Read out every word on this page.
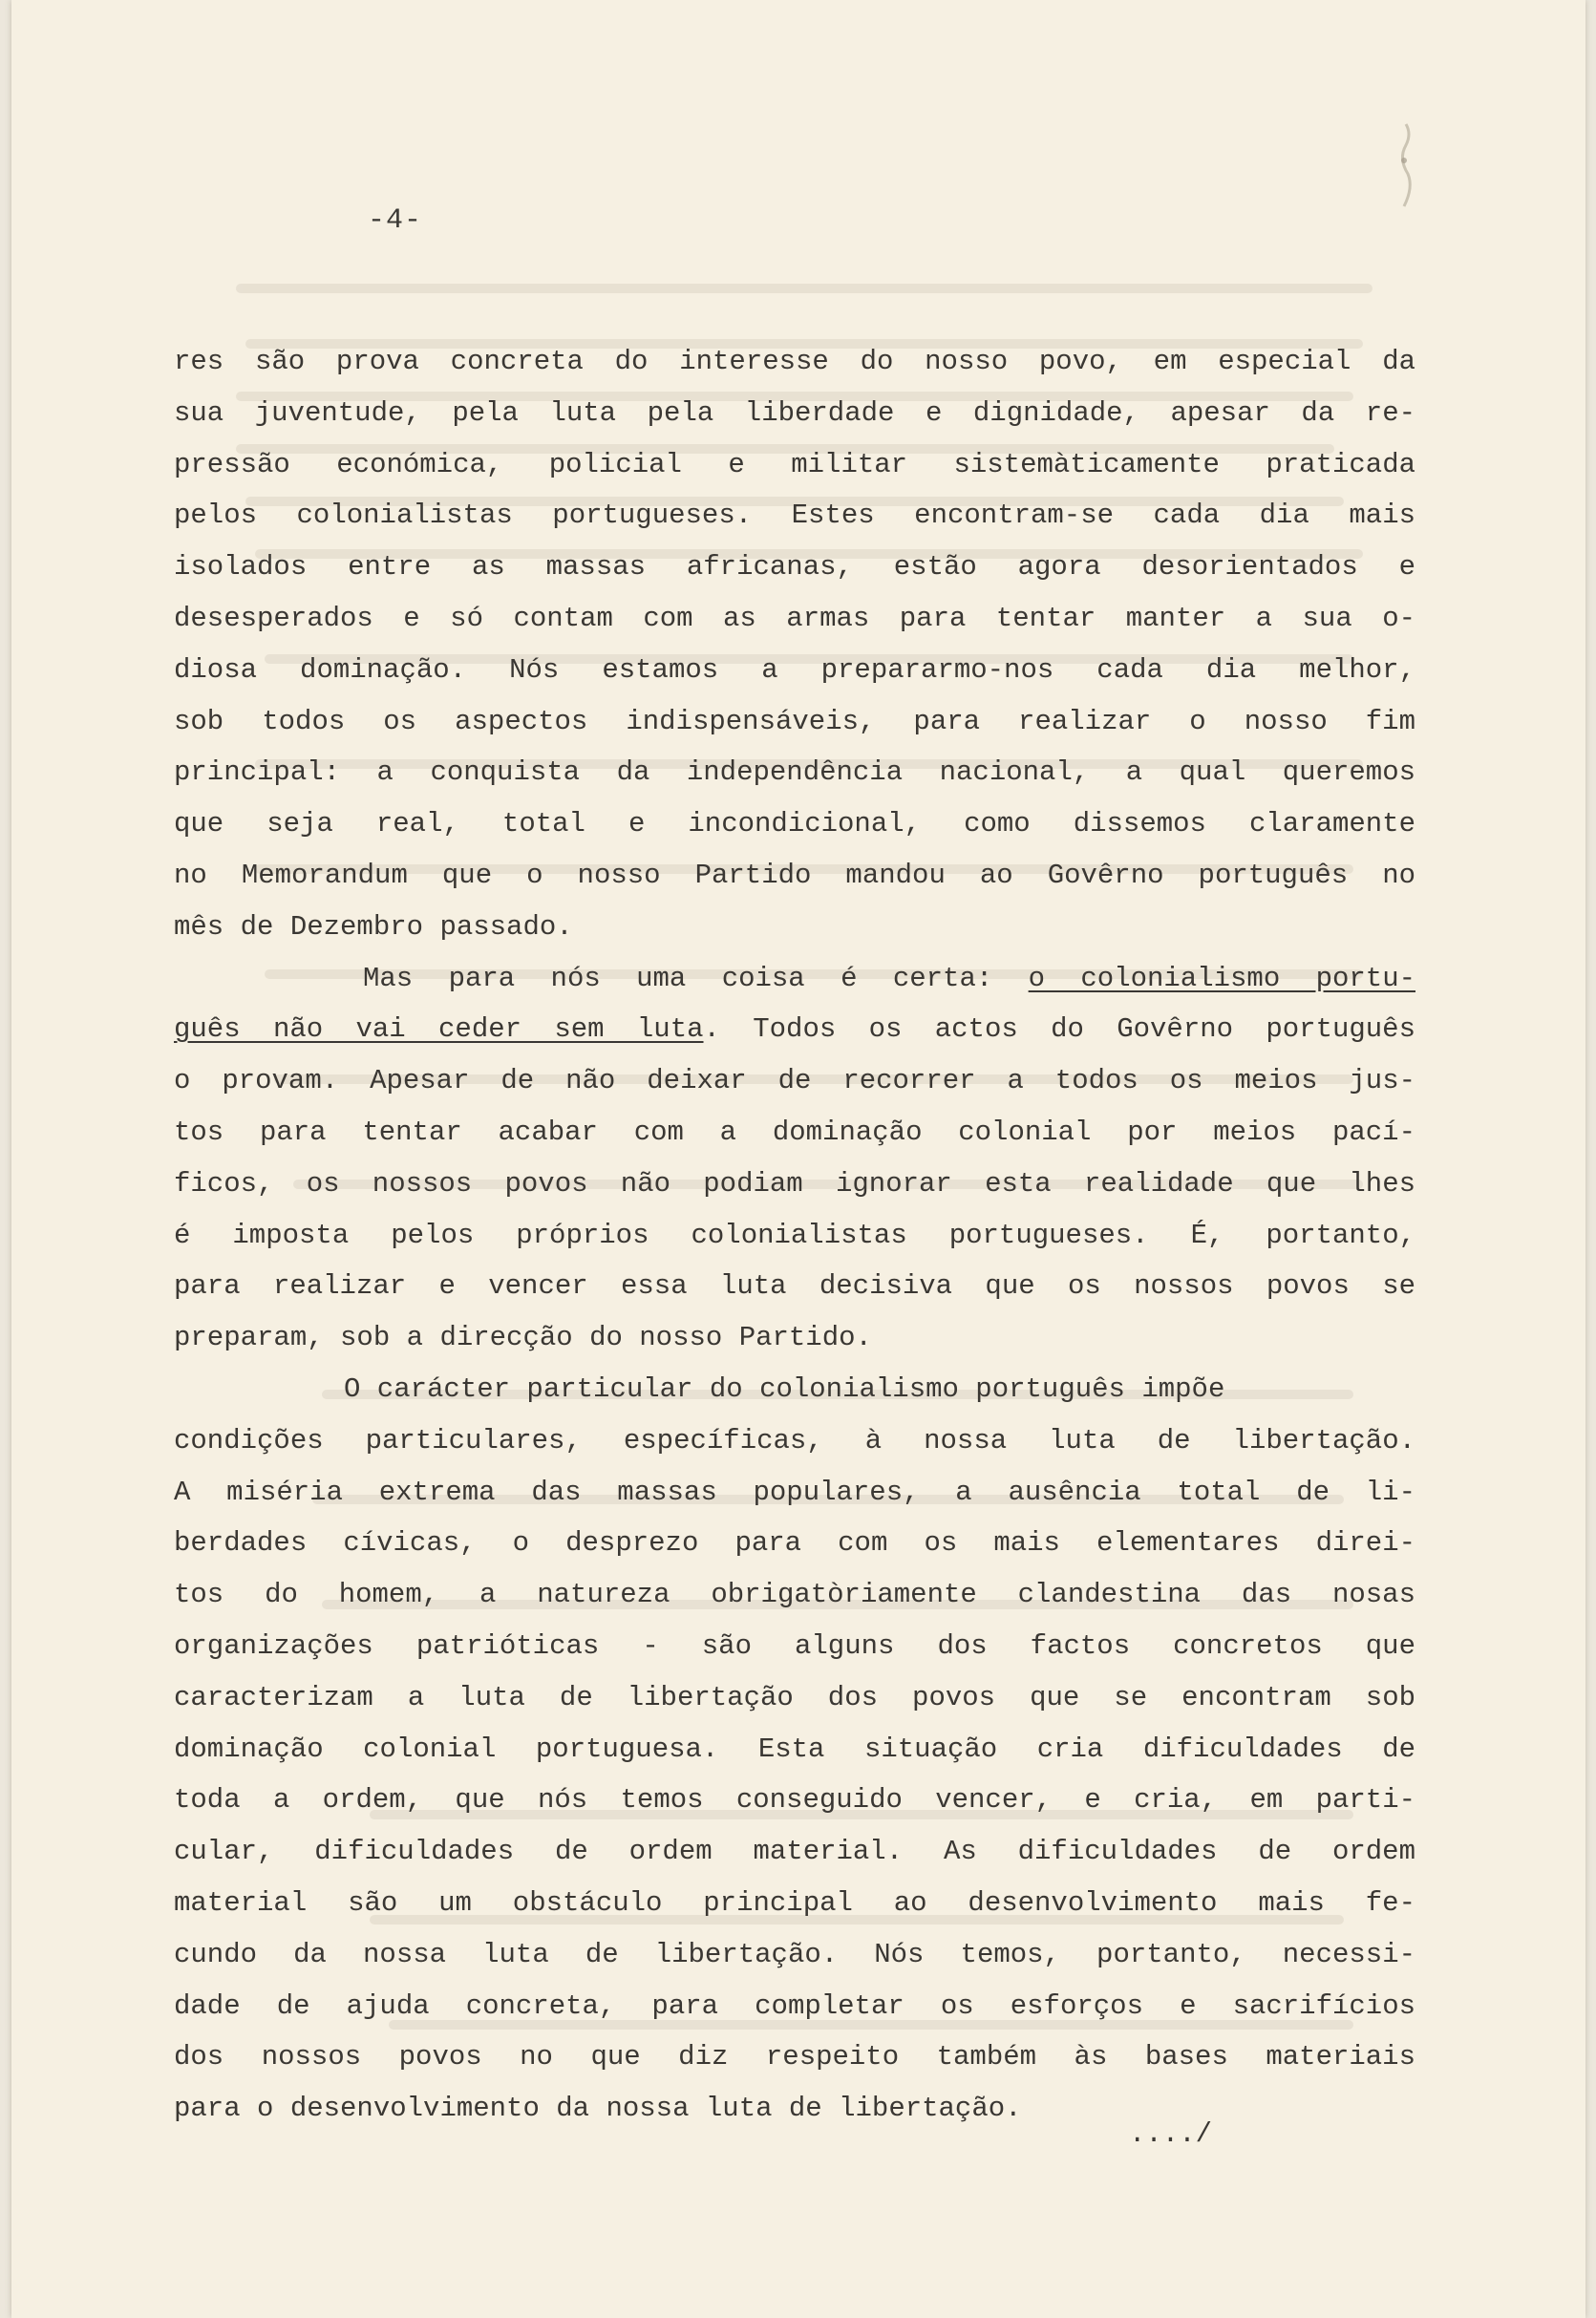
-4-
res são prova concreta do interesse do nosso povo, em especial da
sua juventude, pela luta pela liberdade e dignidade, apesar da re-
pressão económica, policial e militar sistemàticamente praticada
pelos colonialistas portugueses. Estes encontram-se cada dia mais
isolados entre as massas africanas, estão agora desorientados e
desesperados e só contam com as armas para tentar manter a sua o-
diosa dominação. Nós estamos a prepararmo-nos cada dia melhor,
sob todos os aspectos indispensáveis, para realizar o nosso fim
principal: a conquista da independência nacional, a qual queremos
que seja real, total e incondicional, como dissemos claramente
no Memorandum que o nosso Partido mandou ao Govêrno português no
mês de Dezembro passado.
Mas para nós uma coisa é certa: o colonialismo portu-
guês não vai ceder sem luta. Todos os actos do Govêrno português
o provam. Apesar de não deixar de recorrer a todos os meios jus-
tos para tentar acabar com a dominação colonial por meios pací-
ficos, os nossos povos não podiam ignorar esta realidade que lhes
é imposta pelos próprios colonialistas portugueses. É, portanto,
para realizar e vencer essa luta decisiva que os nossos povos se
preparam, sob a direcção do nosso Partido.
O carácter particular do colonialismo português impõe
condições particulares, específicas, à nossa luta de libertação.
A miséria extrema das massas populares, a ausência total de li-
berdades cívicas, o desprezo para com os mais elementares direi-
tos do homem, a natureza obrigatòriamente clandestina das nosas
organizações patrióticas - são alguns dos factos concretos que
caracterizam a luta de libertação dos povos que se encontram sob
dominação colonial portuguesa. Esta situação cria dificuldades de
toda a ordem, que nós temos conseguido vencer, e cria, em parti-
cular, dificuldades de ordem material. As dificuldades de ordem
material são um obstáculo principal ao desenvolvimento mais fe-
cundo da nossa luta de libertação. Nós temos, portanto, necessi-
dade de ajuda concreta, para completar os esforços e sacrifícios
dos nossos povos no que diz respeito também às bases materiais
para o desenvolvimento da nossa luta de libertação.
..../
